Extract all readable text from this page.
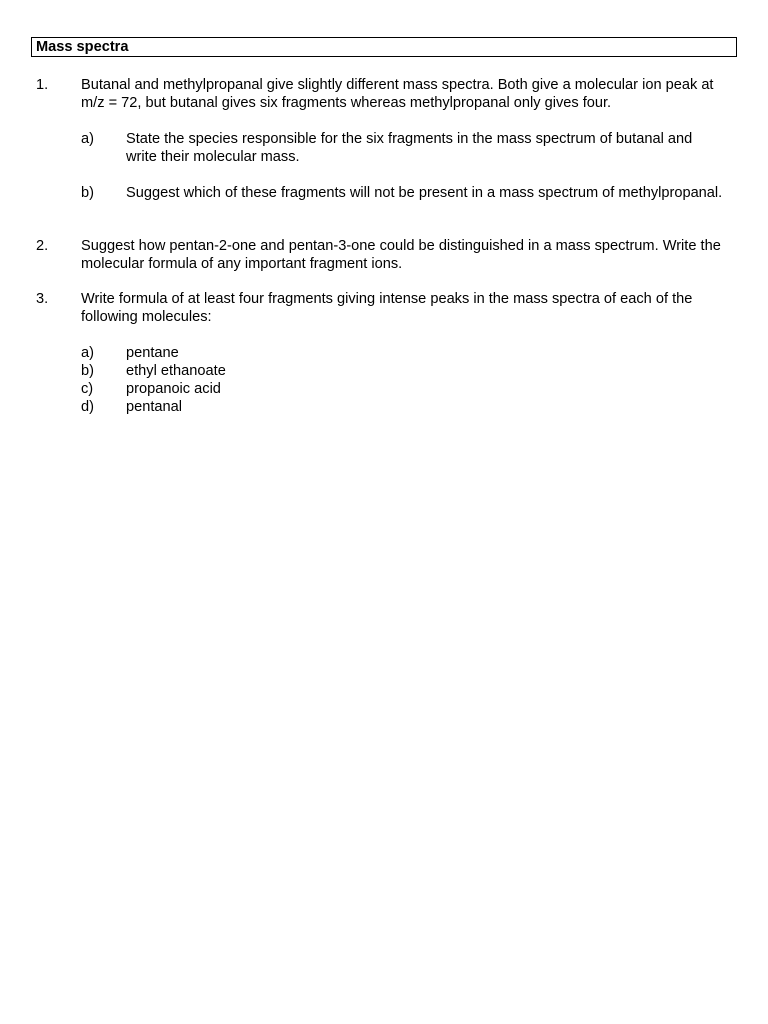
Mass spectra
1. Butanal and methylpropanal give slightly different mass spectra. Both give a molecular ion peak at m/z = 72, but butanal gives six fragments whereas methylpropanal only gives four.
a) State the species responsible for the six fragments in the mass spectrum of butanal and write their molecular mass.
b) Suggest which of these fragments will not be present in a mass spectrum of methylpropanal.
2. Suggest how pentan-2-one and pentan-3-one could be distinguished in a mass spectrum. Write the molecular formula of any important fragment ions.
3. Write formula of at least four fragments giving intense peaks in the mass spectra of each of the following molecules:
a) pentane
b) ethyl ethanoate
c) propanoic acid
d) pentanal
